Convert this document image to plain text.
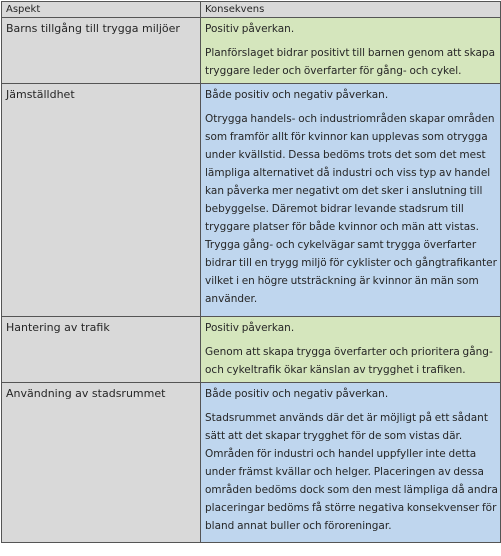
Aspekt	Konsekvens
Barns tillgång till trygga miljöer	Positiv påverkan.

Planförslaget bidrar positivt till barnen genom att skapa tryggare leder och överfarter för gång- och cykel.

Jämställdhet	Både positiv och negativ påverkan.

Otrygga handels- och industriområden skapar områden som framför allt för kvinnor kan upplevas som otrygga under kvällstid. Dessa bedöms trots det som det mest lämpliga alternativet då industri och viss typ av handel kan påverka mer negativt om det sker i anslutning till bebyggelse. Däremot bidrar levande stadsrum till tryggare platser för både kvinnor och män att vistas. Trygga gång- och cykelvägar samt trygga överfarter bidrar till en trygg miljö för cyklister och gångtrafikanter vilket i en högre utsträckning är kvinnor än män som använder.

Hantering av trafik	Positiv påverkan.

Genom att skapa trygga överfarter och prioritera gång- och cykeltrafik ökar känslan av trygghet i trafiken.

Användning av stadsrummet	Både positiv och negativ påverkan.

Stadsrummet används där det är möjligt på ett sådant sätt att det skapar trygghet för de som vistas där. Områden för industri och handel uppfyller inte detta under främst kvällar och helger. Placeringen av dessa områden bedöms dock som den mest lämpliga då andra placeringar bedöms få större negativa konsekvenser för bland annat buller och föroreningar.
